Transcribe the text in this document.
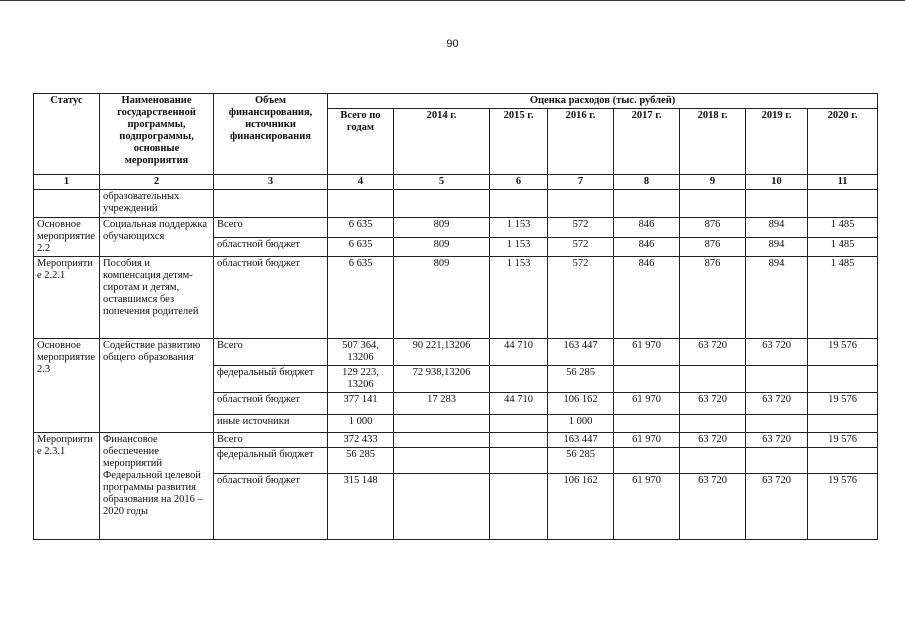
90
Статус	Наименование государственной программы, подпрограммы, основные мероприятия	Объем финансирования, источники финансирования	Оценка расходов (тыс. рублей)							
			Всего по годам	2014 г.	2015 г.	2016 г.	2017 г.	2018 г.	2019 г.	2020 г.
1	2	3	4	5	6	7	8	9	10	11
	образовательных учреждений									
Основное мероприятие 2.2	Социальная поддержка обучающихся	Всего	6 635	809	1 153	572	846	876	894	1 485
		областной бюджет	6 635	809	1 153	572	846	876	894	1 485
Мероприятие 2.2.1	Пособия и компенсация детям-сиротам и детям, оставшимся без попечения родителей	областной бюджет	6 635	809	1 153	572	846	876	894	1 485
Основное мероприятие 2.3	Содействие развитию общего образования	Всего	507 364, 13206	90 221,13206	44 710	163 447	61 970	63 720	63 720	19 576
		федеральный бюджет	129 223, 13206	72 938,13206		56 285				
		областной бюджет	377 141	17 283	44 710	106 162	61 970	63 720	63 720	19 576
		иные источники	1 000			1 000				
Мероприятие 2.3.1	Финансовое обеспечение мероприятий Федеральной целевой программы развития образования на 2016 – 2020 годы	Всего	372 433			163 447	61 970	63 720	63 720	19 576
		федеральный бюджет	56 285			56 285				
		областной бюджет	315 148			106 162	61 970	63 720	63 720	19 576
